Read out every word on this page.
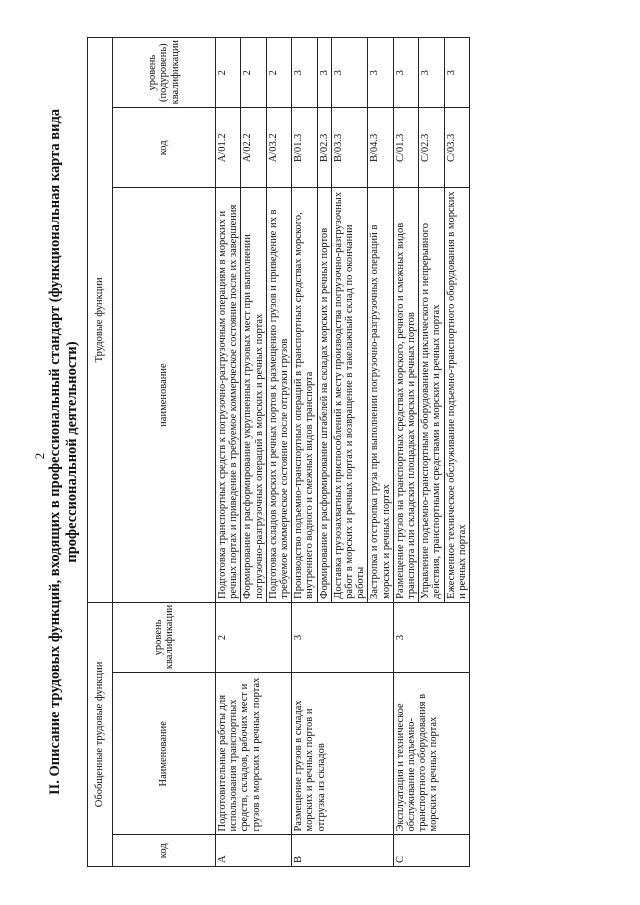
2 II. Описание трудовых функций, входящих в профессиональный стандарт (функциональная карта вида профессиональной деятельности)
Обобщенные трудовые функции			Трудовые функции		
код	Наименование	уровень квалификации	наименование	код	уровень (подуровень) квалификации
A	Подготовительные работы для использования транспортных средств, складов, рабочих мест и грузов в морских и речных портах	2	Подготовка транспортных средств к погрузочно-разгрузочным операциям в морских и речных портах и приведение в требуемое коммерческое состояние после их завершения	A/01.2	2
			Формирование и расформирование укрупненных грузовых мест при выполнении погрузочно-разгрузочных операций в морских и речных портах	A/02.2	2
			Подготовка складов морских и речных портов к размещению грузов и приведение их в требуемое коммерческое состояние после отгрузки грузов	A/03.2	2
B	Размещение грузов в складах морских и речных портов и отгрузка из складов	3	Производство подъемно-транспортных операций в транспортных средствах морского, внутреннего водного и смежных видов транспорта	B/01.3	3
			Формирование и расформирование штабелей на складах морских и речных портов	B/02.3	3
			Доставка грузозахватных приспособлений к месту производства погрузочно-разгрузочных работ в морских и речных портах и возвращение в такелажный склад по окончании работы	B/03.3	3
			Застропка и отстропка груза при выполнении погрузочно-разгрузочных операций в морских и речных портах	B/04.3	3
C	Эксплуатация и техническое обслуживание подъемно-транспортного оборудования в морских и речных портах	3	Размещение грузов на транспортных средствах морского, речного и смежных видов транспорта или складских площадках морских и речных портов	C/01.3	3
			Управление подъемно-транспортным оборудованием циклического и непрерывного действия, транспортными средствами в морских и речных портах	C/02.3	3
			Ежесменное техническое обслуживание подъемно-транспортного оборудования в морских и речных портах	C/03.3	3
